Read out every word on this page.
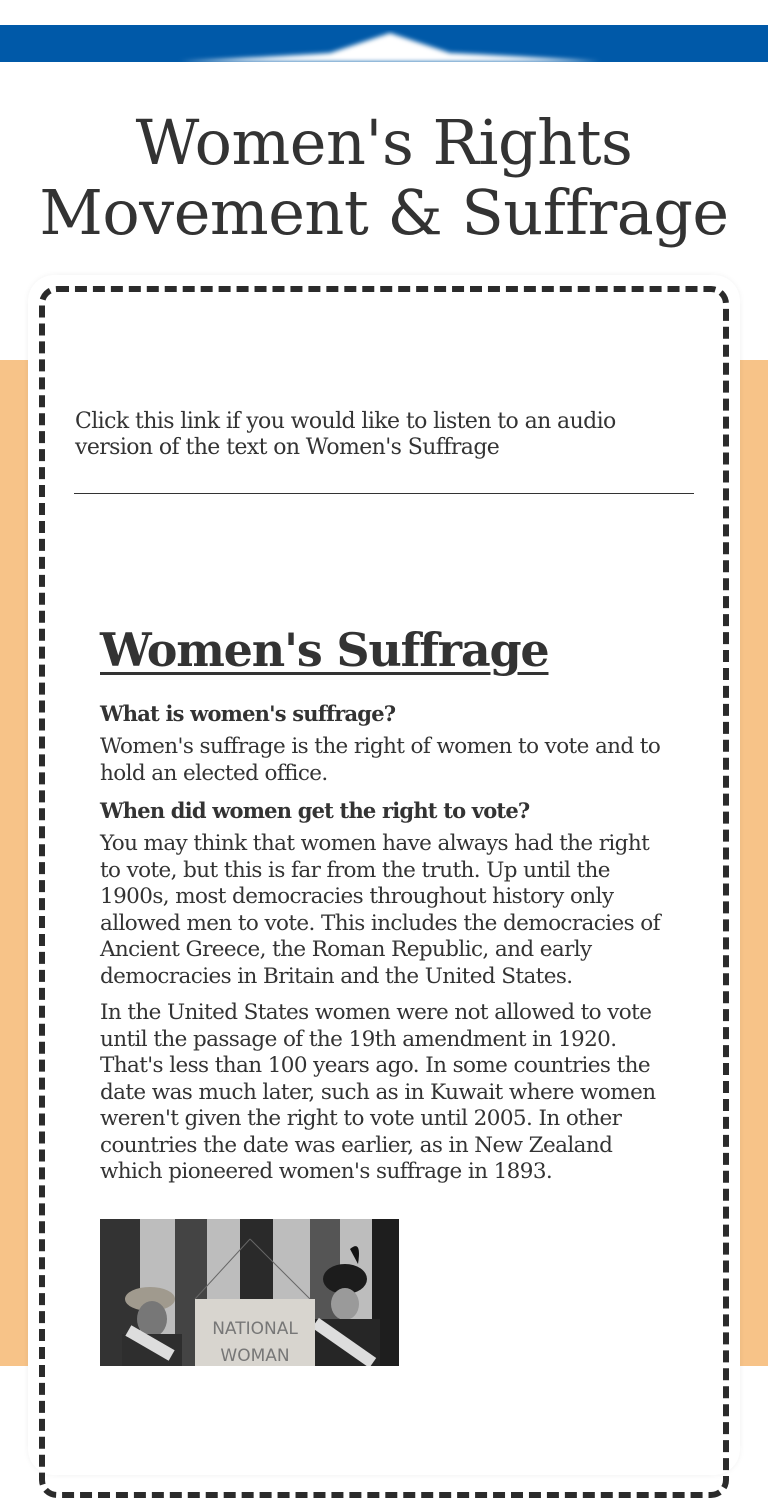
Women's Rights Movement & Suffrage
Click this link if you would like to listen to an audio version of the text on Women's Suffrage
Women's Suffrage
What is women's suffrage?

Women's suffrage is the right of women to vote and to hold an elected office.

When did women get the right to vote?

You may think that women have always had the right to vote, but this is far from the truth. Up until the 1900s, most democracies throughout history only allowed men to vote. This includes the democracies of Ancient Greece, the Roman Republic, and early democracies in Britain and the United States.

In the United States women were not allowed to vote until the passage of the 19th amendment in 1920. That's less than 100 years ago. In some countries the date was much later, such as in Kuwait where women weren't given the right to vote until 2005. In other countries the date was earlier, as in New Zealand which pioneered women's suffrage in 1893.

NATIONAL
WOMAN
